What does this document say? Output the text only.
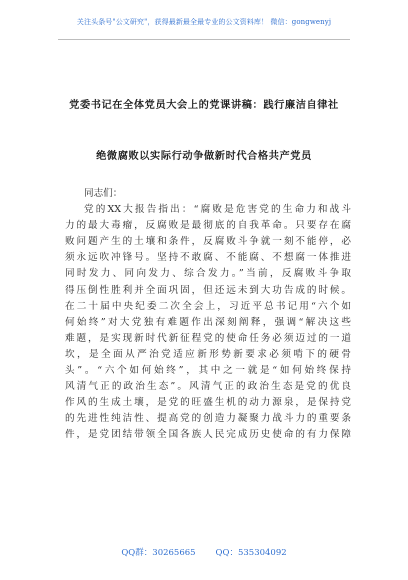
关注头条号"公文研究"，获得最新最全最专业的公文资料库！ 微信：gongwenyj
党委书记在全体党员大会上的党课讲稿：践行廉洁自律社
绝微腐败以实际行动争做新时代合格共产党员
同志们：
党的XX大报告指出：“腐败是危害党的生命力和战斗
力的最大毒瘤，反腐败是最彻底的自我革命。只要存在腐
败问题产生的土壤和条件，反腐败斗争就一刻不能停，必
须永远吹冲锋号。坚持不敢腐、不能腐、不想腐一体推进
同时发力、同向发力、综合发力。”当前，反腐败斗争取
得压倒性胜利并全面巩固，但还远未到大功告成的时候。
在二十届中央纪委二次全会上，习近平总书记用“六个如
何始终”对大党独有难题作出深刻阐释，强调“解决这些
难题，是实现新时代新征程党的使命任务必须迈过的一道
坎，是全面从严治党适应新形势新要求必须啃下的硬骨
头”。“六个如何始终”，其中之一就是“如何始终保持
风清气正的政治生态”。风清气正的政治生态是党的优良
作风的生成土壤，是党的旺盛生机的动力源泉，是保持党
的先进性纯洁性、提高党的创造力凝聚力战斗力的重要条
件，是党团结带领全国各族人民完成历史使命的有力保障
QQ群：30265665 QQ：535304092
